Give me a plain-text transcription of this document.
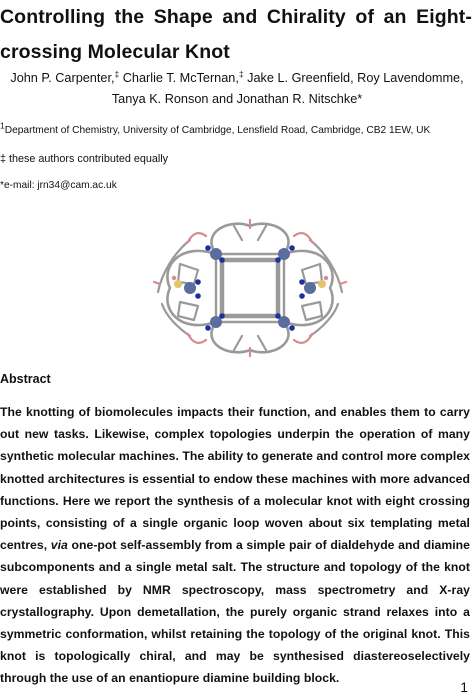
Controlling the Shape and Chirality of an Eight-crossing Molecular Knot
John P. Carpenter,‡ Charlie T. McTernan,‡ Jake L. Greenfield, Roy Lavendomme,
Tanya K. Ronson and Jonathan R. Nitschke*
$^1$Department of Chemistry, University of Cambridge, Lensfield Road, Cambridge, CB2 1EW, UK
‡ these authors contributed equally
*e-mail: jrn34@cam.ac.uk
Abstract
The knotting of biomolecules impacts their function, and enables them to carry out new tasks. Likewise, complex topologies underpin the operation of many synthetic molecular machines. The ability to generate and control more complex knotted architectures is essential to endow these machines with more advanced functions. Here we report the synthesis of a molecular knot with eight crossing points, consisting of a single organic loop woven about six templating metal centres, via one-pot self-assembly from a simple pair of dialdehyde and diamine subcomponents and a single metal salt. The structure and topology of the knot were established by NMR spectroscopy, mass spectrometry and X-ray crystallography. Upon demetallation, the purely organic strand relaxes into a symmetric conformation, whilst retaining the topology of the original knot. This knot is topologically chiral, and may be synthesised diastereoselectively through the use of an enantiopure diamine building block.
1
